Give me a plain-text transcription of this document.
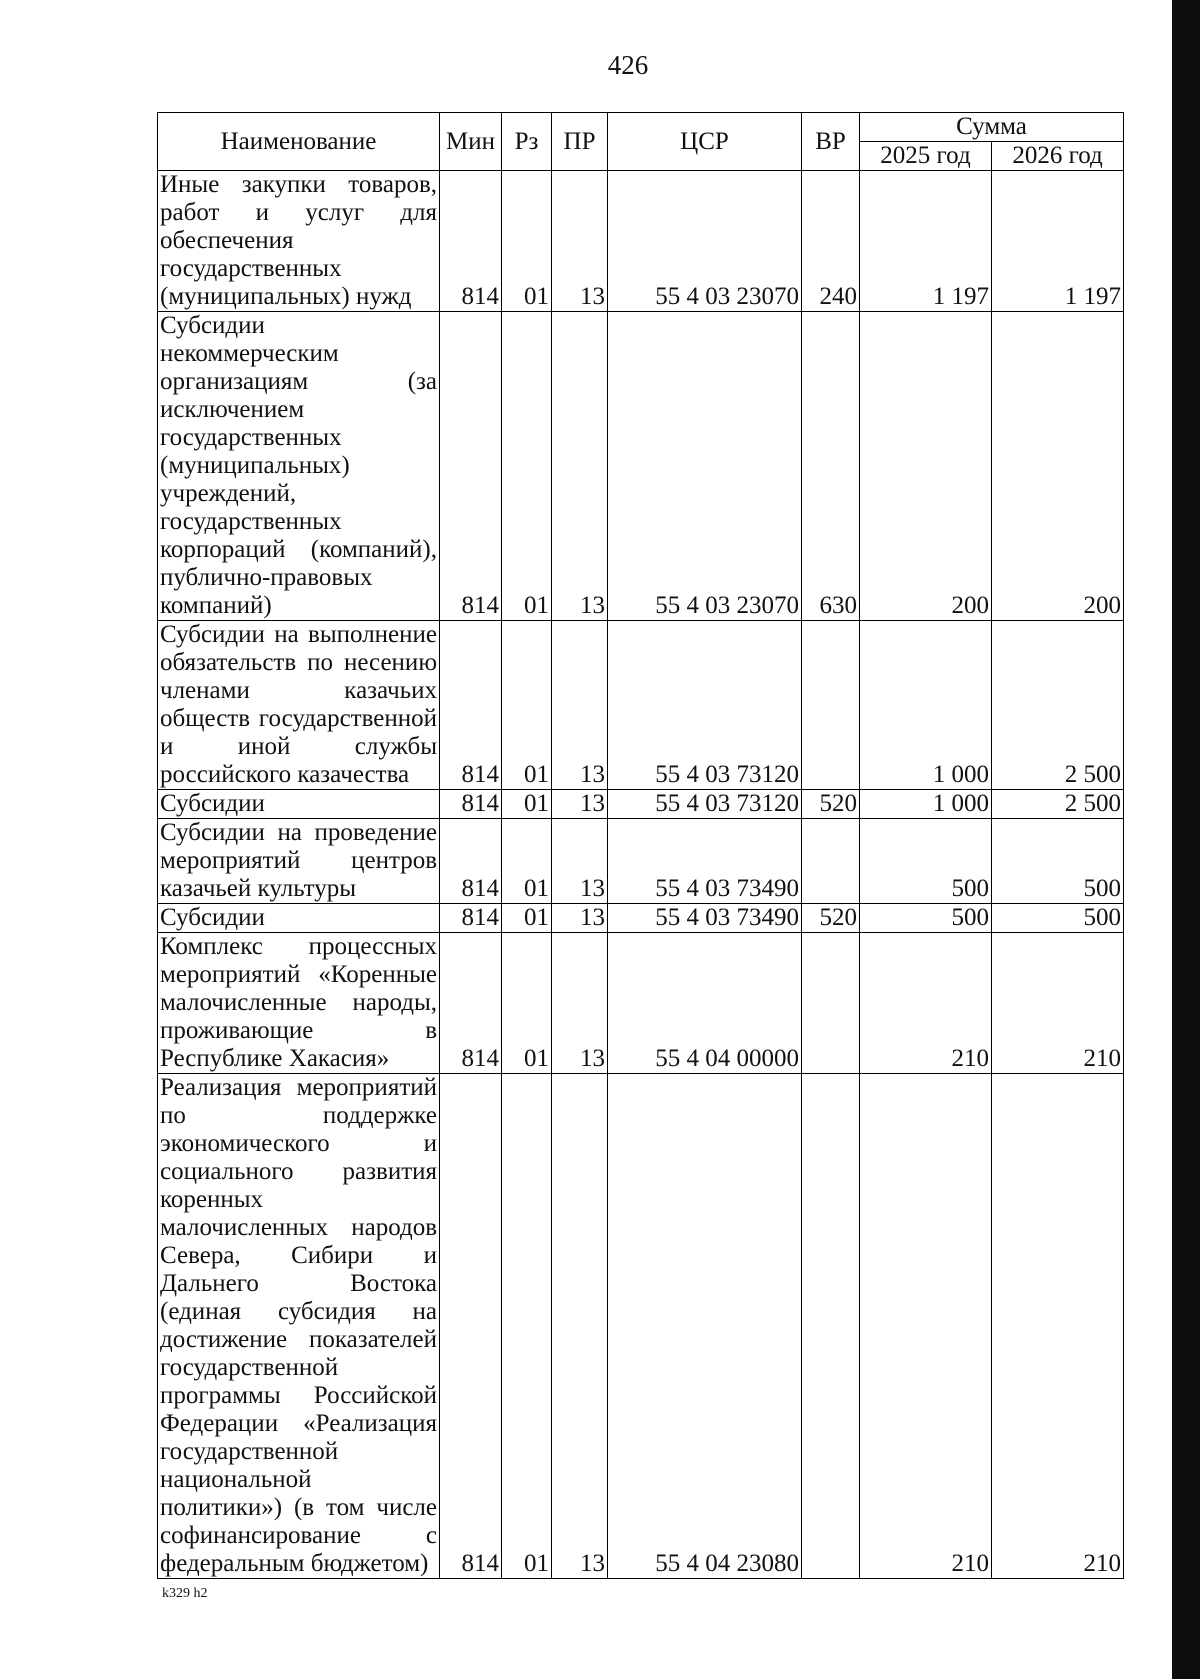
426
Наименование	Мин	Рз	ПР	ЦСР	ВР	Сумма	
						2025 год	2026 год
Иные закупки товаров, работ и услуг для обеспечения государственных (муниципальных) нужд	814	01	13	55 4 03 23070	240	1 197	1 197
Субсидии некоммерческим организациям (за исключением государственных (муниципальных) учреждений, государственных корпораций (компаний), публично-правовых компаний)	814	01	13	55 4 03 23070	630	200	200
Субсидии на выполнение обязательств по несению членами казачьих обществ государственной и иной службы российского казачества	814	01	13	55 4 03 73120		1 000	2 500
Субсидии	814	01	13	55 4 03 73120	520	1 000	2 500
Субсидии на проведение мероприятий центров казачьей культуры	814	01	13	55 4 03 73490		500	500
Субсидии	814	01	13	55 4 03 73490	520	500	500
Комплекс процессных мероприятий «Коренные малочисленные народы, проживающие в Республике Хакасия»	814	01	13	55 4 04 00000		210	210
Реализация мероприятий по поддержке экономического и социального развития коренных малочисленных народов Севера, Сибири и Дальнего Востока (единая субсидия на достижение показателей государственной программы Российской Федерации «Реализация государственной национальной политики») (в том числе софинансирование с федеральным бюджетом)	814	01	13	55 4 04 23080		210	210
k329 h2
